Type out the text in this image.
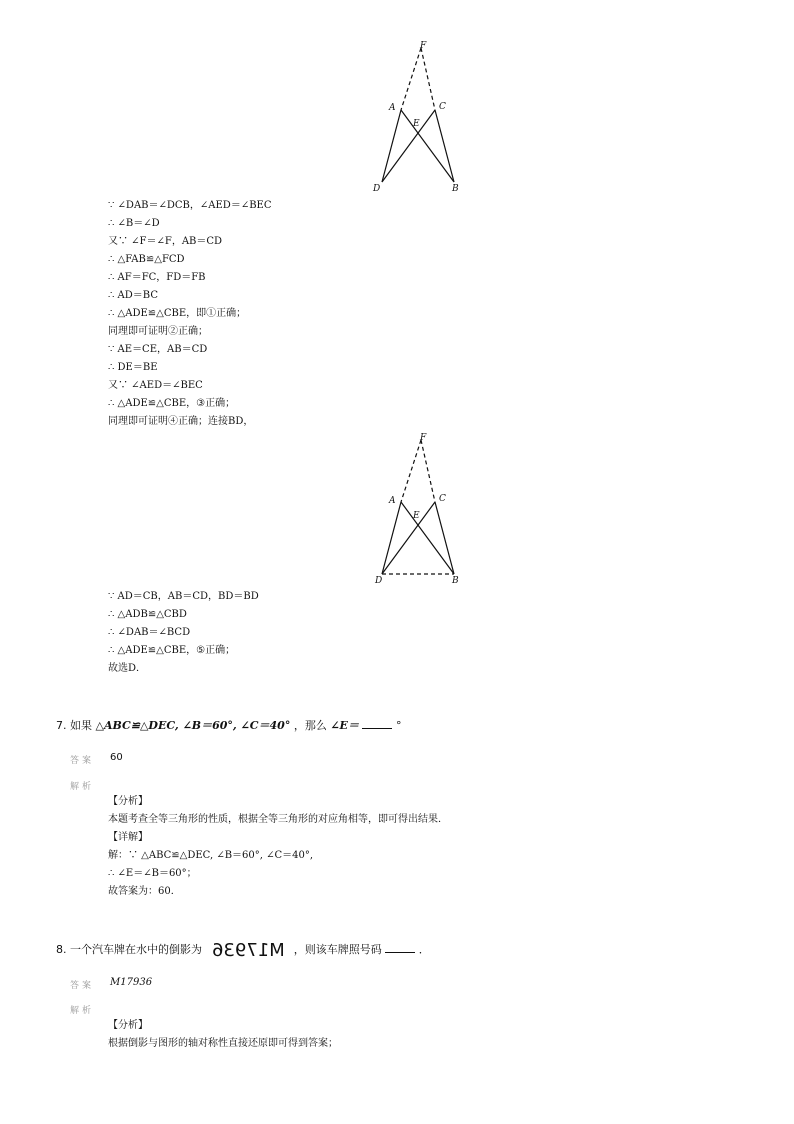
F
A	C
E
D	B
∵ ∠DAB＝∠DCB，∠AED＝∠BEC
∴ ∠B＝∠D
又∵ ∠F＝∠F，AB＝CD
∴ △FAB≌△FCD
∴ AF＝FC，FD＝FB
∴ AD＝BC
∴ △ADE≌△CBE，即①正确；
同理即可证明②正确；
∵ AE＝CE，AB＝CD
∴ DE＝BE
又∵ ∠AED＝∠BEC
∴ △ADE≌△CBE，③正确；
同理即可证明④正确；连接BD，
F
A	C
E
D	B
∵ AD＝CB，AB＝CD，BD＝BD
∴ △ADB≌△CBD
∴ ∠DAB＝∠BCD
∴ △ADE≌△CBE，⑤正确；
故选D．
7. 如果 △ABC≌△DEC, ∠B＝60°, ∠C＝40° ，那么 ∠E＝	°
答案 60
解析
【分析】
本题考查全等三角形的性质，根据全等三角形的对应角相等，即可得出结果．
【详解】
解：∵ △ABC≌△DEC, ∠B＝60°, ∠C＝40°,
∴ ∠E＝∠B＝60°；
故答案为：60．
8. 一个汽车牌在水中的倒影为 M17936 ，则该车牌照号码	．
答案 M17936
解析
【分析】
根据倒影与图形的轴对称性直接还原即可得到答案；
